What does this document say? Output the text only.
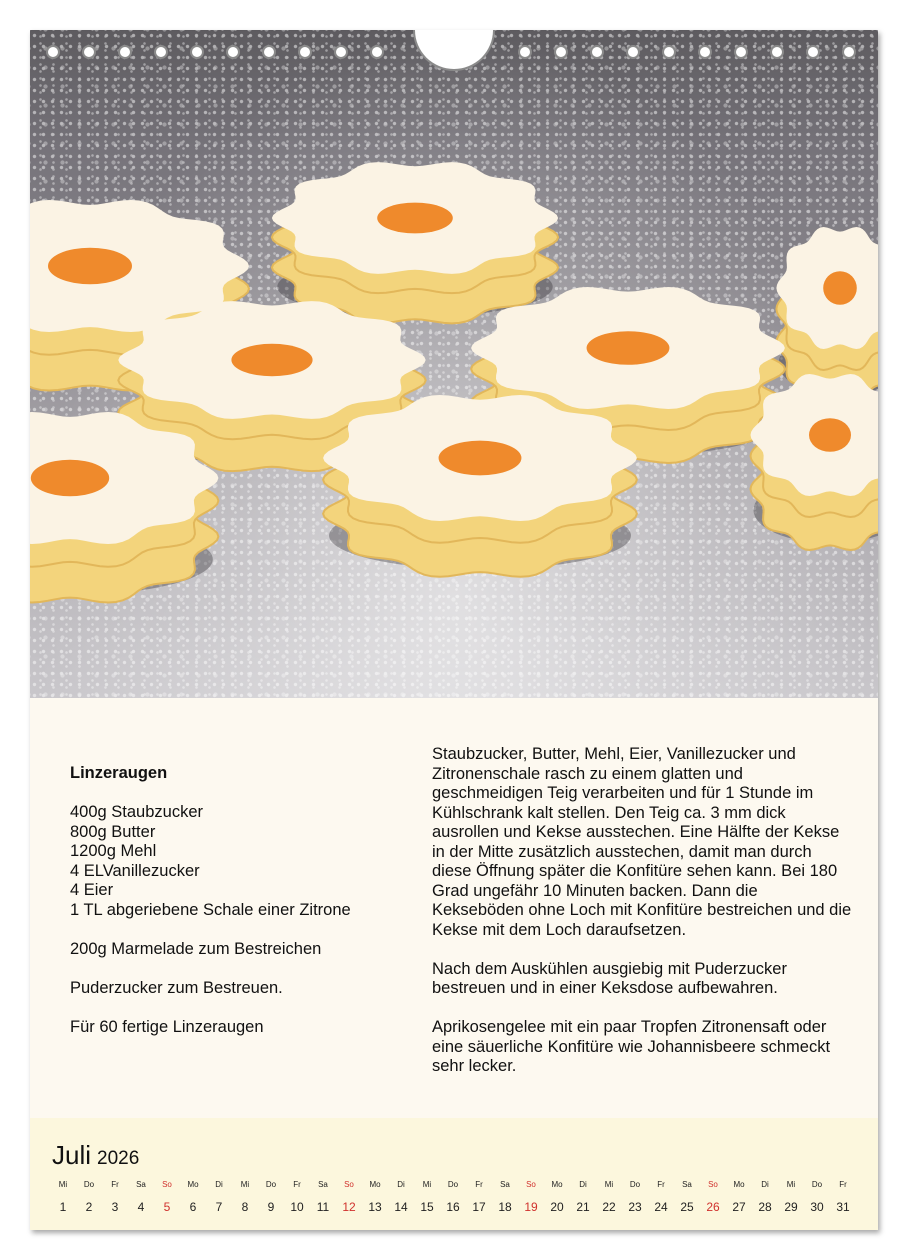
Linzeraugen
400g Staubzucker
800g Butter
1200g Mehl
4 ELVanillezucker
4 Eier
1 TL abgeriebene Schale einer Zitrone
200g Marmelade zum Bestreichen
Puderzucker zum Bestreuen.
Für 60 fertige Linzeraugen
Staubzucker, Butter, Mehl, Eier, Vanillezucker und Zitronenschale rasch zu einem glatten und geschmeidigen Teig verarbeiten und für 1 Stunde im Kühlschrank kalt stellen. Den Teig ca. 3 mm dick ausrollen und Kekse ausstechen. Eine Hälfte der Kekse in der Mitte zusätzlich ausstechen, damit man durch diese Öffnung später die Konfitüre sehen kann. Bei 180 Grad ungefähr 10 Minuten backen. Dann die Kekseböden ohne Loch mit Konfitüre bestreichen und die Kekse mit dem Loch daraufsetzen.
Nach dem Auskühlen ausgiebig mit Puderzucker bestreuen und in einer Keksdose aufbewahren.
Aprikosengelee mit ein paar Tropfen Zitronensaft oder eine säuerliche Konfitüre wie Johannisbeere schmeckt sehr lecker.
Juli 2026
Mi
1
Do
2
Fr
3
Sa
4
So
5
Mo
6
Di
7
Mi
8
Do
9
Fr
10
Sa
11
So
12
Mo
13
Di
14
Mi
15
Do
16
Fr
17
Sa
18
So
19
Mo
20
Di
21
Mi
22
Do
23
Fr
24
Sa
25
So
26
Mo
27
Di
28
Mi
29
Do
30
Fr
31
